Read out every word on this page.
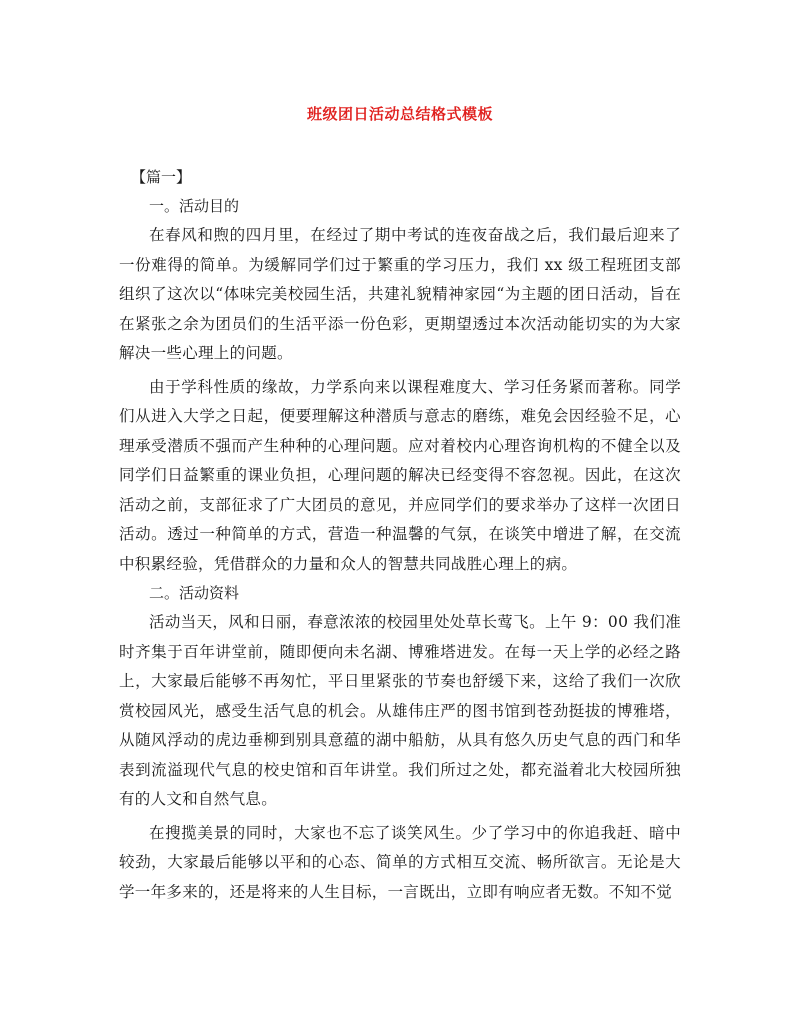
班级团日活动总结格式模板

【篇一】

一。活动目的

在春风和煦的四月里，在经过了期中考试的连夜奋战之后，我们最后迎来了一份难得的简单。为缓解同学们过于繁重的学习压力，我们 xx 级工程班团支部组织了这次以“体味完美校园生活，共建礼貌精神家园“为主题的团日活动，旨在在紧张之余为团员们的生活平添一份色彩，更期望透过本次活动能切实的为大家解决一些心理上的问题。

由于学科性质的缘故，力学系向来以课程难度大、学习任务紧而著称。同学们从进入大学之日起，便要理解这种潜质与意志的磨练，难免会因经验不足，心理承受潜质不强而产生种种的心理问题。应对着校内心理咨询机构的不健全以及同学们日益繁重的课业负担，心理问题的解决已经变得不容忽视。因此，在这次活动之前，支部征求了广大团员的意见，并应同学们的要求举办了这样一次团日活动。透过一种简单的方式，营造一种温馨的气氛，在谈笑中增进了解，在交流中积累经验，凭借群众的力量和众人的智慧共同战胜心理上的病。

二。活动资料

活动当天，风和日丽，春意浓浓的校园里处处草长莺飞。上午 9：00 我们准时齐集于百年讲堂前，随即便向未名湖、博雅塔进发。在每一天上学的必经之路上，大家最后能够不再匆忙，平日里紧张的节奏也舒缓下来，这给了我们一次欣赏校园风光，感受生活气息的机会。从雄伟庄严的图书馆到苍劲挺拔的博雅塔，从随风浮动的虎边垂柳到别具意蕴的湖中船舫，从具有悠久历史气息的西门和华表到流溢现代气息的校史馆和百年讲堂。我们所过之处，都充溢着北大校园所独有的人文和自然气息。

在搜揽美景的同时，大家也不忘了谈笑风生。少了学习中的你追我赶、暗中较劲，大家最后能够以平和的心态、简单的方式相互交流、畅所欲言。无论是大学一年多来的，还是将来的人生目标，一言既出，立即有响应者无数。不知不觉
